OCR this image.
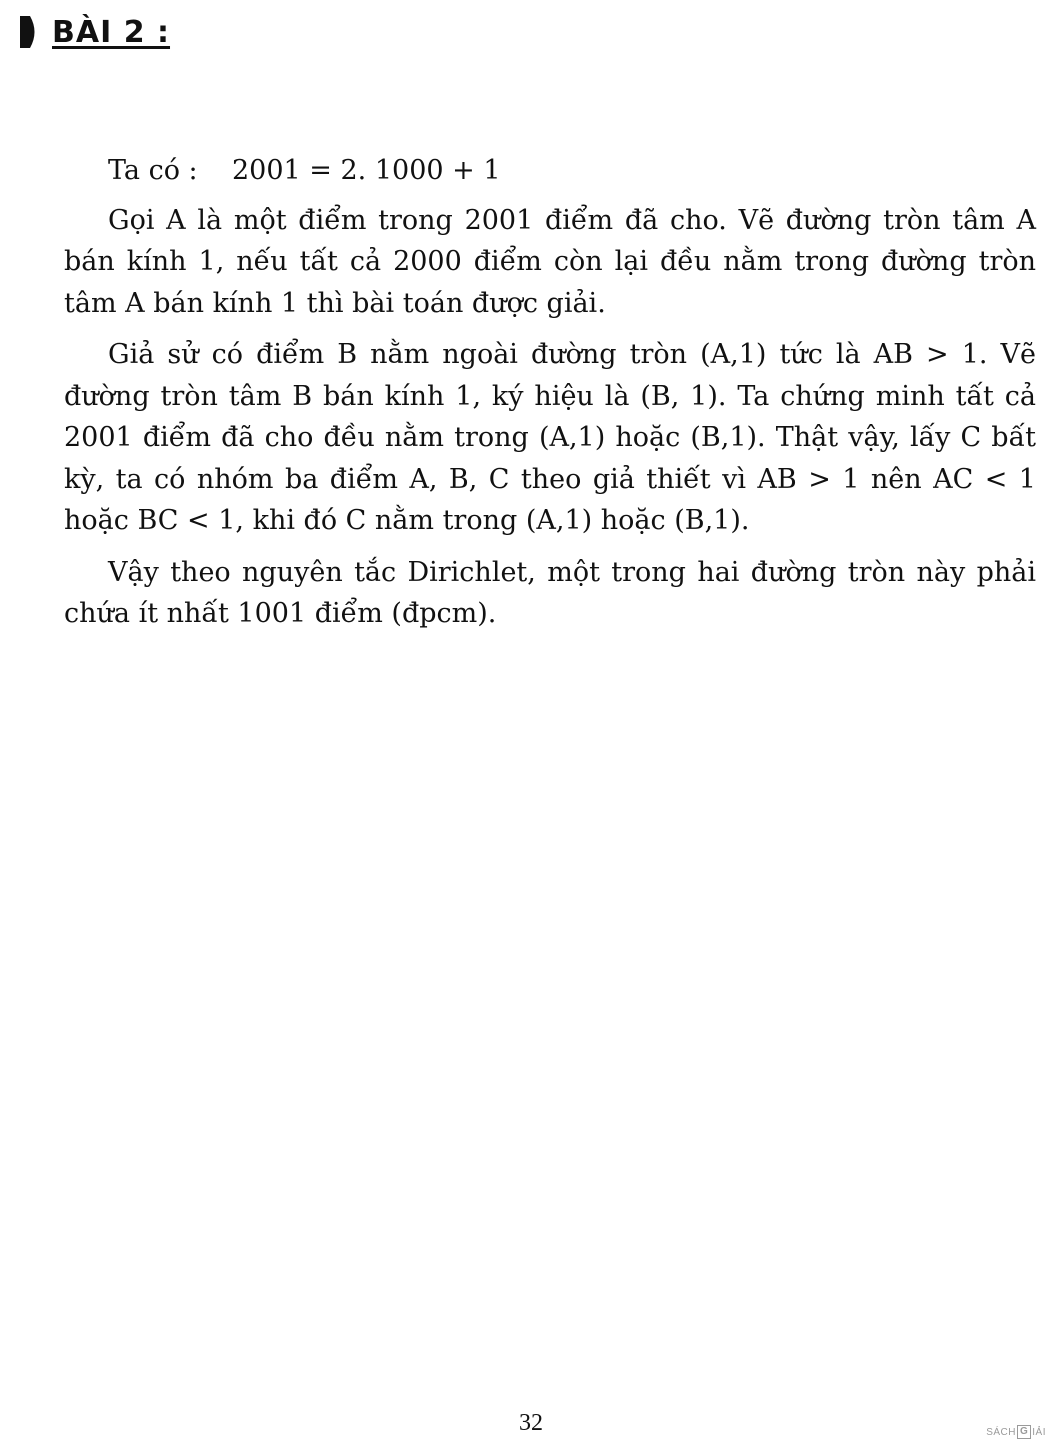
BÀI 2 :

Ta có : 2001 = 2. 1000 + 1

Gọi A là một điểm trong 2001 điểm đã cho. Vẽ đường tròn tâm A bán kính 1, nếu tất cả 2000 điểm còn lại đều nằm trong đường tròn tâm A bán kính 1 thì bài toán được giải.

Giả sử có điểm B nằm ngoài đường tròn (A,1) tức là AB > 1. Vẽ đường tròn tâm B bán kính 1, ký hiệu là (B, 1). Ta chứng minh tất cả 2001 điểm đã cho đều nằm trong (A,1) hoặc (B,1). Thật vậy, lấy C bất kỳ, ta có nhóm ba điểm A, B, C theo giả thiết vì AB > 1 nên AC < 1 hoặc BC < 1, khi đó C nằm trong (A,1) hoặc (B,1).

Vậy theo nguyên tắc Dirichlet, một trong hai đường tròn này phải chứa ít nhất 1001 điểm (đpcm).

32	SÁCH G IẢI
